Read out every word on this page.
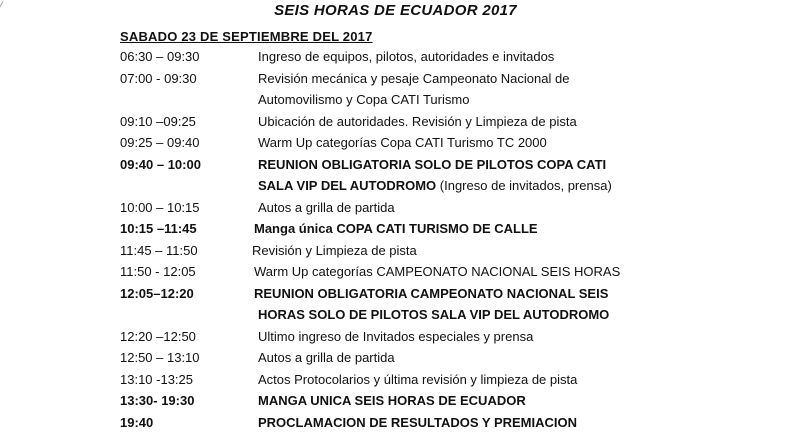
⁄	SEIS HORAS DE ECUADOR 2017
SABADO 23 DE SEPTIEMBRE DEL 2017
06:30 – 09:30	Ingreso de equipos, pilotos, autoridades e invitados
07:00 - 09:30	Revisión mecánica y pesaje Campeonato Nacional de
Automovilismo y Copa CATI Turismo
09:10 –09:25	Ubicación de autoridades. Revisión y Limpieza de pista
09:25 – 09:40	Warm Up categorías Copa CATI Turismo TC 2000
09:40 – 10:00	REUNION OBLIGATORIA SOLO DE PILOTOS COPA CATI
SALA VIP DEL AUTODROMO (Ingreso de invitados, prensa)
10:00 – 10:15	Autos a grilla de partida
10:15 –11:45	Manga única COPA CATI TURISMO DE CALLE
11:45 – 11:50	Revisión y Limpieza de pista
11:50 - 12:05	Warm Up categorías CAMPEONATO NACIONAL SEIS HORAS
12:05–12:20	REUNION OBLIGATORIA CAMPEONATO NACIONAL SEIS
HORAS SOLO DE PILOTOS SALA VIP DEL AUTODROMO
12:20 –12:50	Ultimo ingreso de Invitados especiales y prensa
12:50 – 13:10	Autos a grilla de partida
13:10 -13:25	Actos Protocolarios y última revisión y limpieza de pista
13:30- 19:30	MANGA UNICA SEIS HORAS DE ECUADOR
19:40	PROCLAMACION DE RESULTADOS Y PREMIACION
